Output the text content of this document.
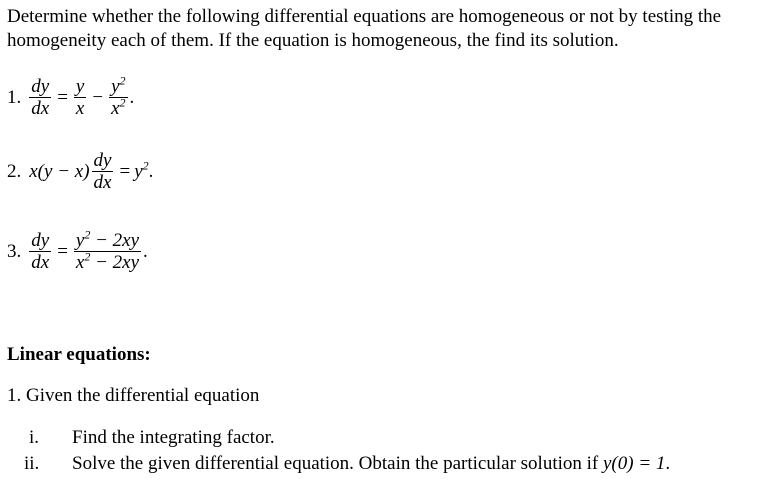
Determine whether the following differential equations are homogeneous or not by testing the
homogeneity each of them. If the equation is homogeneous, the find its solution.
1. $\frac{dy}{dx} = \frac{y}{x} - \frac{y^2}{x^2}$ .
2. $x(y - x) \frac{dy}{dx} = y^2$ .
3. $\frac{dy}{dx} = \frac{y^2 - 2xy}{x^2 - 2xy}$ .
Linear equations:
1. Given the differential equation
i. Find the integrating factor.
ii. Solve the given differential equation. Obtain the particular solution if y(0) = 1.
